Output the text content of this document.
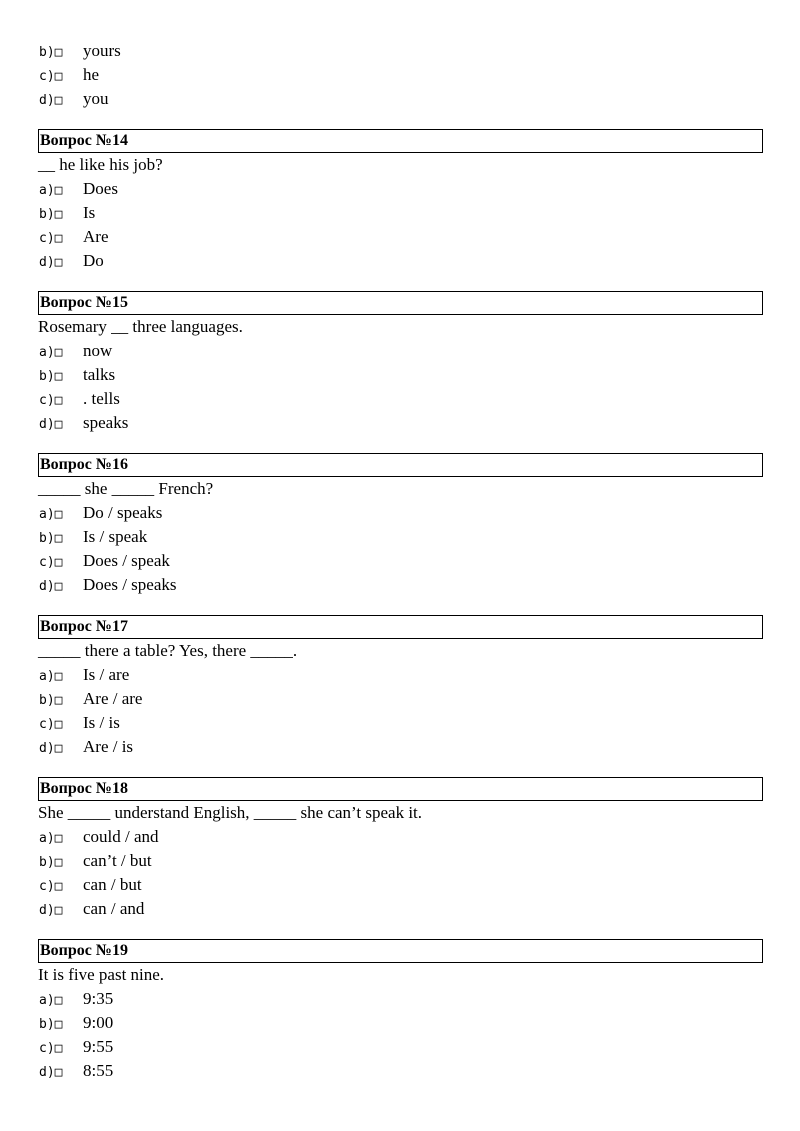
b)□ yours
c)□ he
d)□ you
Вопрос №14
__ he like his job?
a)□ Does
b)□ Is
c)□ Are
d)□ Do
Вопрос №15
Rosemary __ three languages.
a)□ now
b)□ talks
c)□ . tells
d)□ speaks
Вопрос №16
_____ she _____ French?
a)□ Do / speaks
b)□ Is / speak
c)□ Does / speak
d)□ Does / speaks
Вопрос №17
_____ there a table? Yes, there _____.
a)□ Is / are
b)□ Are / are
c)□ Is / is
d)□ Are / is
Вопрос №18
She _____ understand English, _____ she can’t speak it.
a)□ could / and
b)□ can’t / but
c)□ can / but
d)□ can / and
Вопрос №19
It is five past nine.
a)□ 9:35
b)□ 9:00
c)□ 9:55
d)□ 8:55
